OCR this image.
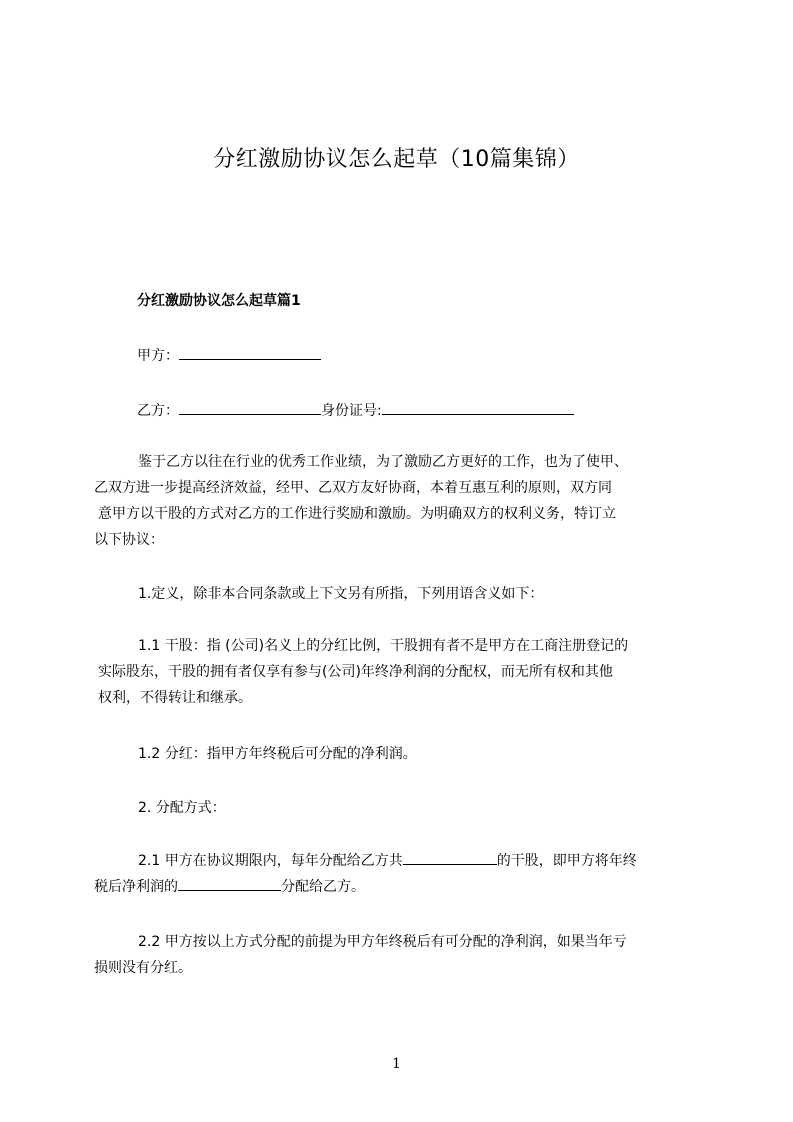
分红激励协议怎么起草（10篇集锦）
分红激励协议怎么起草篇1
甲方：
乙方：	身份证号:
鉴于乙方以往在行业的优秀工作业绩，为了激励乙方更好的工作，也为了使甲、
乙双方进一步提高经济效益，经甲、乙双方友好协商，本着互惠互利的原则，双方同
意甲方以干股的方式对乙方的工作进行奖励和激励。为明确双方的权利义务，特订立
以下协议：
1.定义，除非本合同条款或上下文另有所指，下列用语含义如下：
1.1 干股：指 (公司)名义上的分红比例，干股拥有者不是甲方在工商注册登记的
实际股东，干股的拥有者仅享有参与(公司)年终净利润的分配权，而无所有权和其他
权利，不得转让和继承。
1.2 分红：指甲方年终税后可分配的净利润。
2. 分配方式：
2.1 甲方在协议期限内，每年分配给乙方共	的干股，即甲方将年终
税后净利润的	分配给乙方。
2.2 甲方按以上方式分配的前提为甲方年终税后有可分配的净利润，如果当年亏
损则没有分红。
1
